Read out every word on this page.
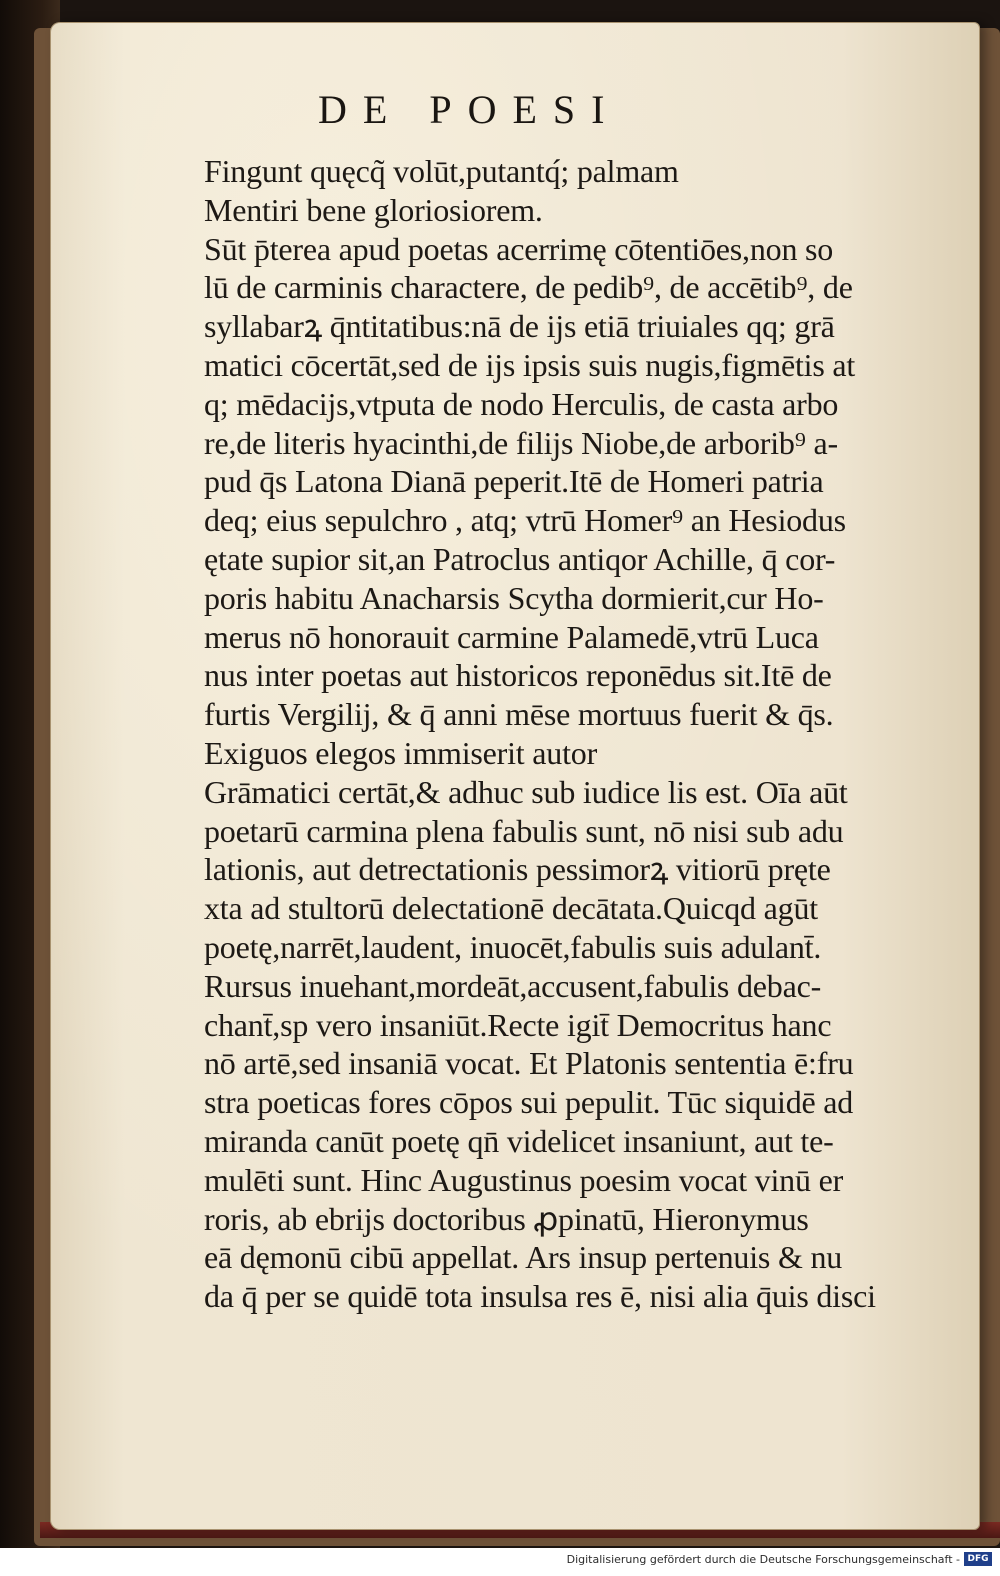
DE POESI
Fingunt quęcq̃ volūt,putantq́; palmam
Mentiri bene gloriosiorem.
Sūt p̄terea apud poetas acerrimę cōtentiōes,non so
lū de carminis charactere, de pedib⁹, de accētib⁹, de
syllabarꝝ q̄ntitatibus:nā de ijs etiā triuiales qq; grā
matici cōcertāt,sed de ijs ipsis suis nugis,figmētis at
q; mēdacijs,vtputa de nodo Herculis, de casta arbo
re,de literis hyacinthi,de filijs Niobe,de arborib⁹ a-
pud q̄s Latona Dianā peperit.Itē de Homeri patria
deq; eius sepulchro , atq; vtrū Homer⁹ an Hesiodus
ętate supior sit,an Patroclus antiqor Achille, q̄ cor-
poris habitu Anacharsis Scytha dormierit,cur Ho-
merus nō honorauit carmine Palamedē,vtrū Luca
nus inter poetas aut historicos reponēdus sit.Itē de
furtis Vergilij, & q̄ anni mēse mortuus fuerit & q̄s.
Exiguos elegos immiserit autor
Grāmatici certāt,& adhuc sub iudice lis est. Oīa aūt
poetarū carmina plena fabulis sunt, nō nisi sub adu
lationis, aut detrectationis pessimorꝝ vitiorū pręte
xta ad stultorū delectationē decātata.Quicqd agūt
poetę,narrēt,laudent, inuocēt,fabulis suis adulant̄.
Rursus inuehant,mordeāt,accusent,fabulis debac-
chant̄,sp vero insaniūt.Recte igit̄ Democritus hanc
nō artē,sed insaniā vocat. Et Platonis sententia ē:fru
stra poeticas fores cōpos sui pepulit. Tūc siquidē ad
miranda canūt poetę qn̄ videlicet insaniunt, aut te-
mulēti sunt. Hinc Augustinus poesim vocat vinū er
roris, ab ebrijs doctoribus ꝓpinatū, Hieronymus
eā dęmonū cibū appellat. Ars insup pertenuis & nu
da q̄ per se quidē tota insulsa res ē, nisi alia q̄uis disci
Digitalisierung gefördert durch die Deutsche Forschungsgemeinschaft - DFG
